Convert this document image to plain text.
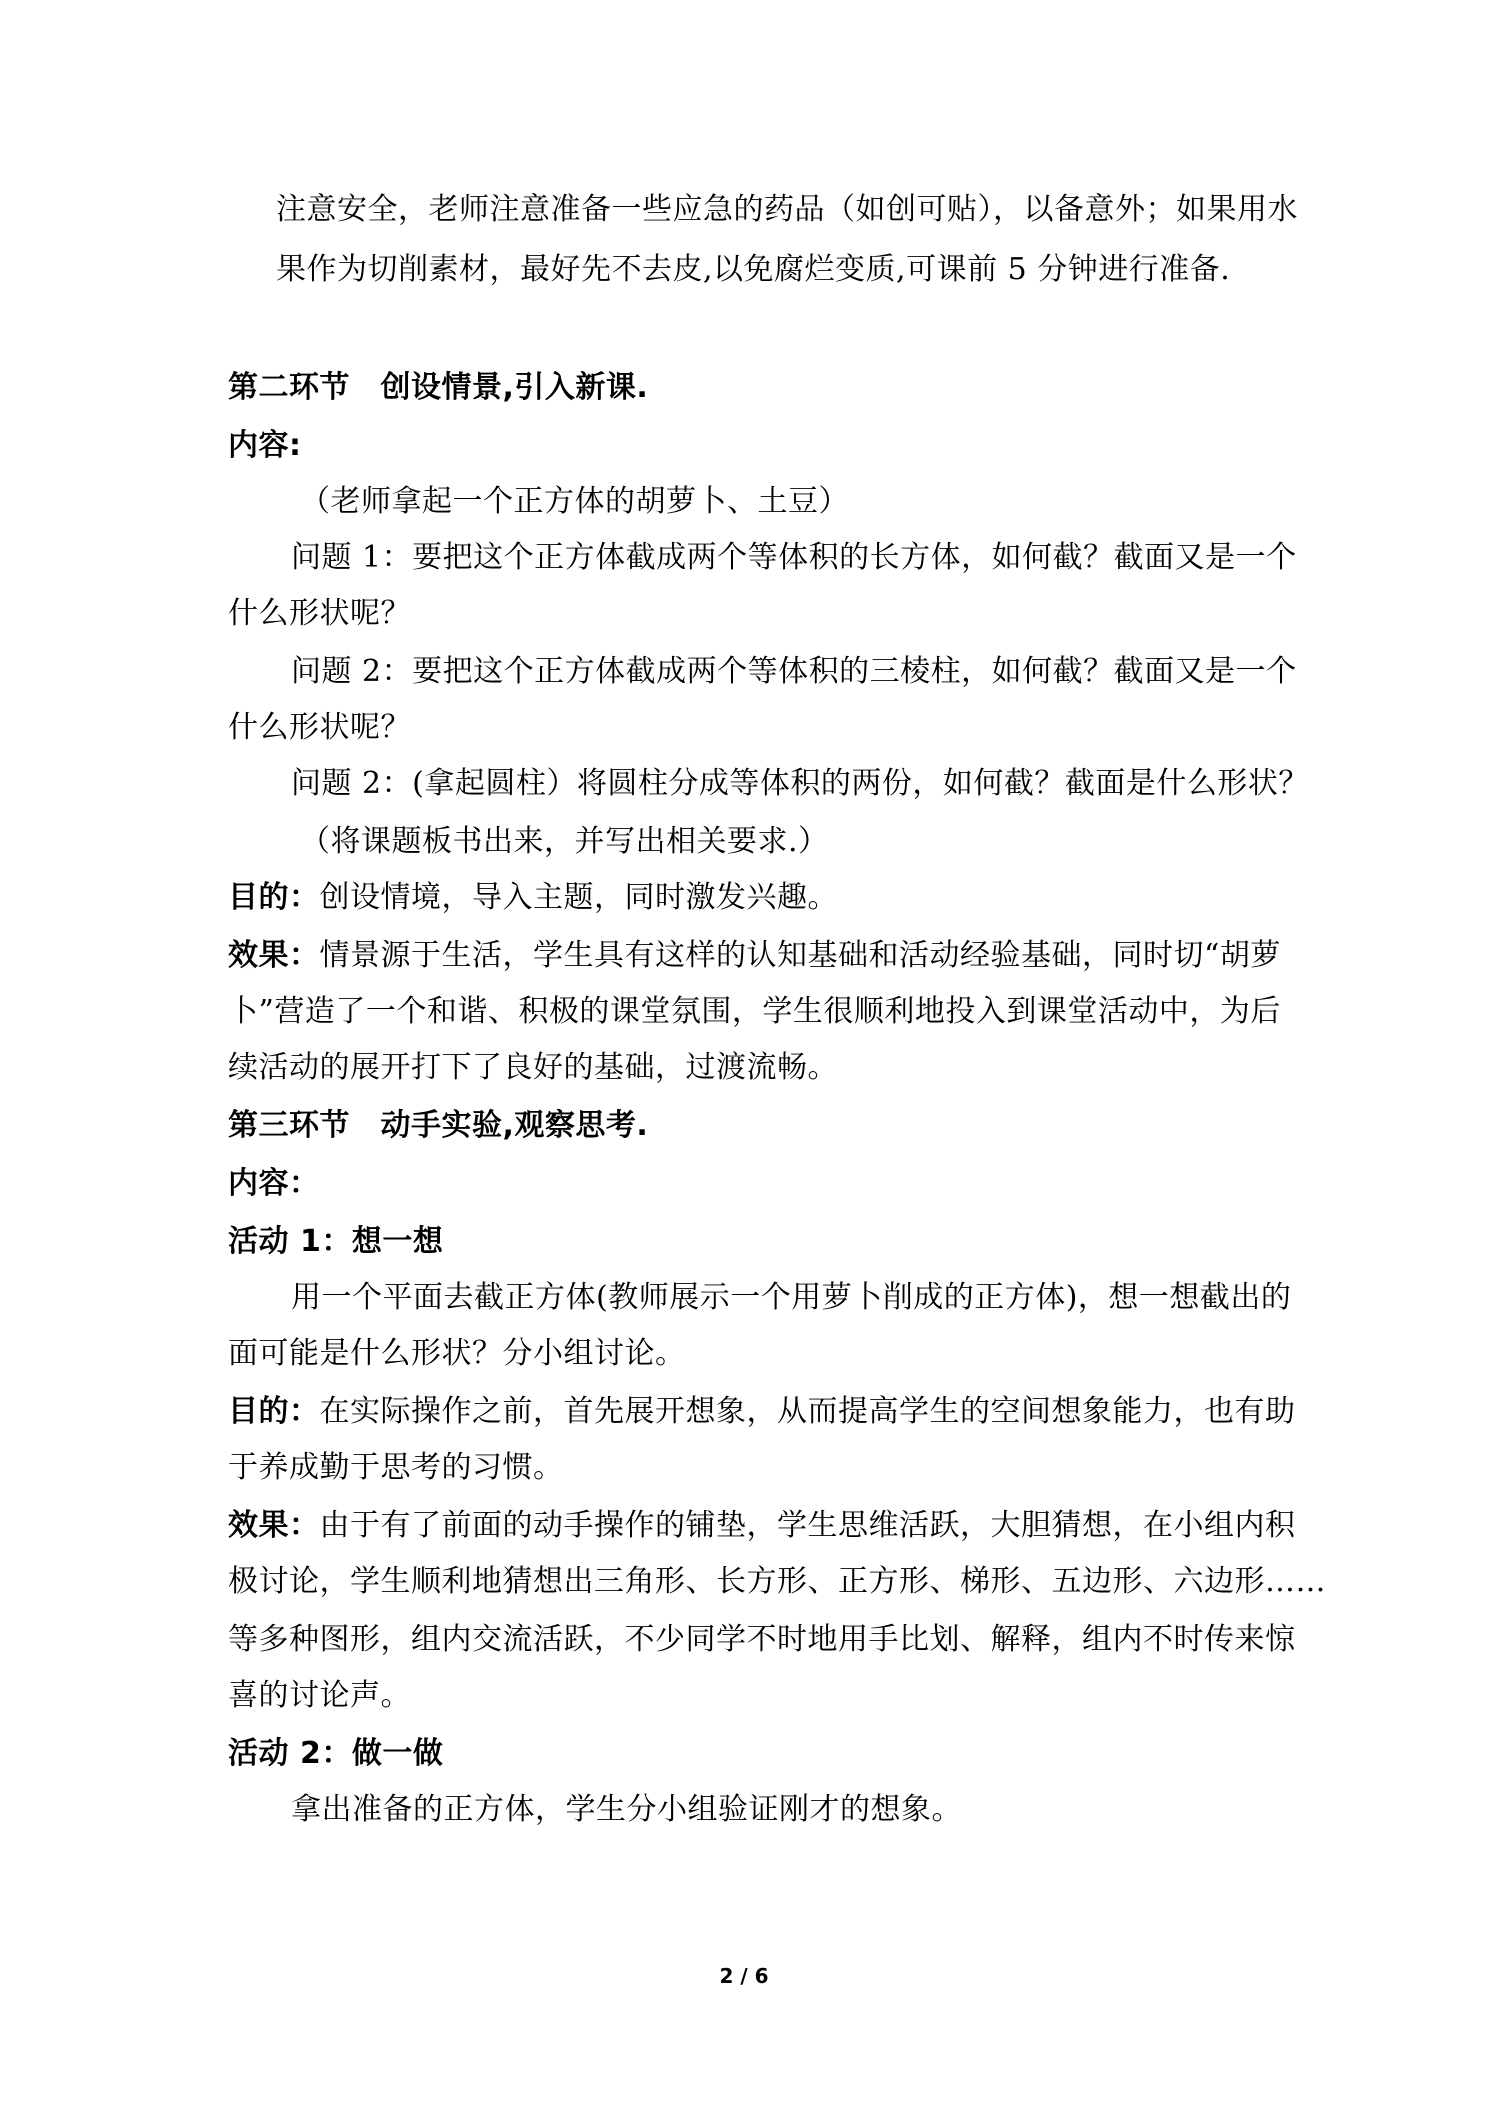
注意安全，老师注意准备一些应急的药品（如创可贴），以备意外；如果用水
果作为切削素材，最好先不去皮,以免腐烂变质,可课前 5 分钟进行准备.
第二环节　创设情景,引入新课.
内容:
（老师拿起一个正方体的胡萝卜、土豆）
问题 1：要把这个正方体截成两个等体积的长方体，如何截？截面又是一个
什么形状呢？
问题 2：要把这个正方体截成两个等体积的三棱柱，如何截？截面又是一个
什么形状呢？
问题 2：(拿起圆柱）将圆柱分成等体积的两份，如何截？截面是什么形状？
（将课题板书出来，并写出相关要求.）
目的：创设情境，导入主题，同时激发兴趣。
效果：情景源于生活，学生具有这样的认知基础和活动经验基础，同时切“胡萝
卜”营造了一个和谐、积极的课堂氛围，学生很顺利地投入到课堂活动中，为后
续活动的展开打下了良好的基础，过渡流畅。
第三环节　动手实验,观察思考.
内容：
活动 1：想一想
用一个平面去截正方体(教师展示一个用萝卜削成的正方体)，想一想截出的
面可能是什么形状？分小组讨论。
目的：在实际操作之前，首先展开想象，从而提高学生的空间想象能力，也有助
于养成勤于思考的习惯。
效果：由于有了前面的动手操作的铺垫，学生思维活跃，大胆猜想，在小组内积
极讨论，学生顺利地猜想出三角形、长方形、正方形、梯形、五边形、六边形……
等多种图形，组内交流活跃，不少同学不时地用手比划、解释，组内不时传来惊
喜的讨论声。
活动 2：做一做
拿出准备的正方体，学生分小组验证刚才的想象。
2 / 6
